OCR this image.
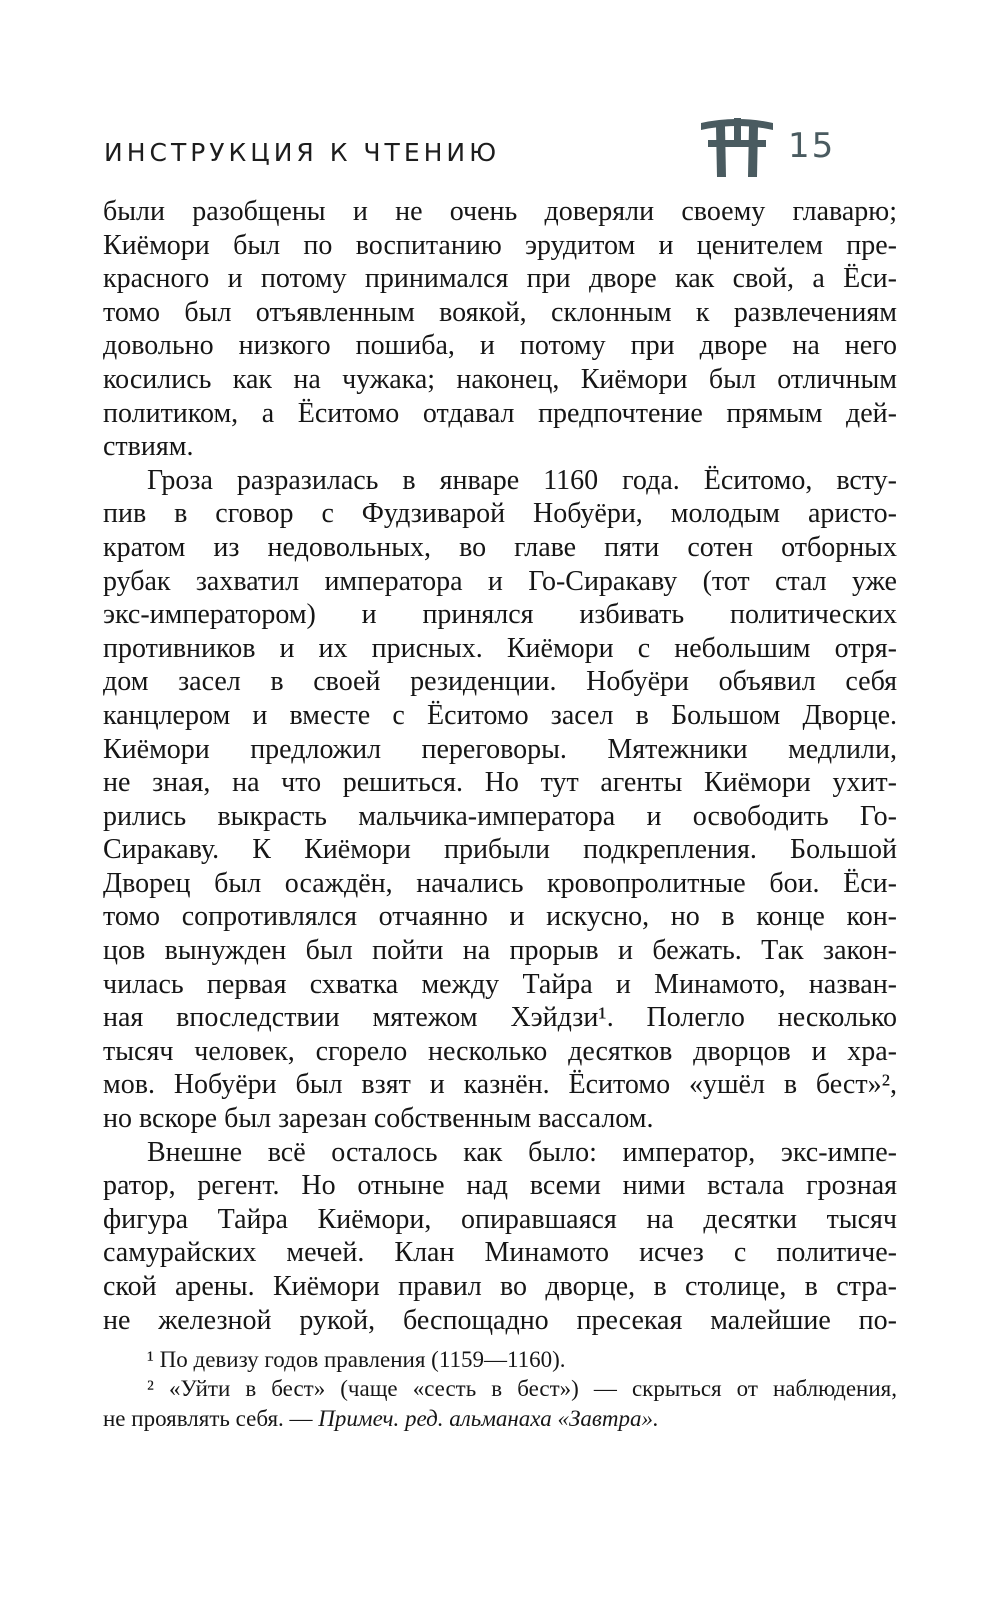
ИНСТРУКЦИЯ К ЧТЕНИЮ	15
были разобщены и не очень доверяли своему главарю;
Киёмори был по воспитанию эрудитом и ценителем пре-
красного и потому принимался при дворе как свой, а Ёси-
томо был отъявленным воякой, склонным к развлечениям
довольно низкого пошиба, и потому при дворе на него
косились как на чужака; наконец, Киёмори был отличным
политиком, а Ёситомо отдавал предпочтение прямым дей-
ствиям.
Гроза разразилась в январе 1160 года. Ёситомо, всту-
пив в сговор с Фудзиварой Нобуёри, молодым аристо-
кратом из недовольных, во главе пяти сотен отборных
рубак захватил императора и Го-Сиракаву (тот стал уже
экс-императором) и принялся избивать политических
противников и их присных. Киёмори с небольшим отря-
дом засел в своей резиденции. Нобуёри объявил себя
канцлером и вместе с Ёситомо засел в Большом Дворце.
Киёмори предложил переговоры. Мятежники медлили,
не зная, на что решиться. Но тут агенты Киёмори ухит-
рились выкрасть мальчика-императора и освободить Го-
Сиракаву. К Киёмори прибыли подкрепления. Большой
Дворец был осаждён, начались кровопролитные бои. Ёси-
томо сопротивлялся отчаянно и искусно, но в конце кон-
цов вынужден был пойти на прорыв и бежать. Так закон-
чилась первая схватка между Тайра и Минамото, назван-
ная впоследствии мятежом Хэйдзи¹. Полегло несколько
тысяч человек, сгорело несколько десятков дворцов и хра-
мов. Нобуёри был взят и казнён. Ёситомо «ушёл в бест»²,
но вскоре был зарезан собственным вассалом.
Внешне всё осталось как было: император, экс-импе-
ратор, регент. Но отныне над всеми ними встала грозная
фигура Тайра Киёмори, опиравшаяся на десятки тысяч
самурайских мечей. Клан Минамото исчез с политиче-
ской арены. Киёмори правил во дворце, в столице, в стра-
не железной рукой, беспощадно пресекая малейшие по-
¹ По девизу годов правления (1159—1160).
² «Уйти в бест» (чаще «сесть в бест») — скрыться от наблюдения,
не проявлять себя. — Примеч. ред. альманаха «Завтра».
